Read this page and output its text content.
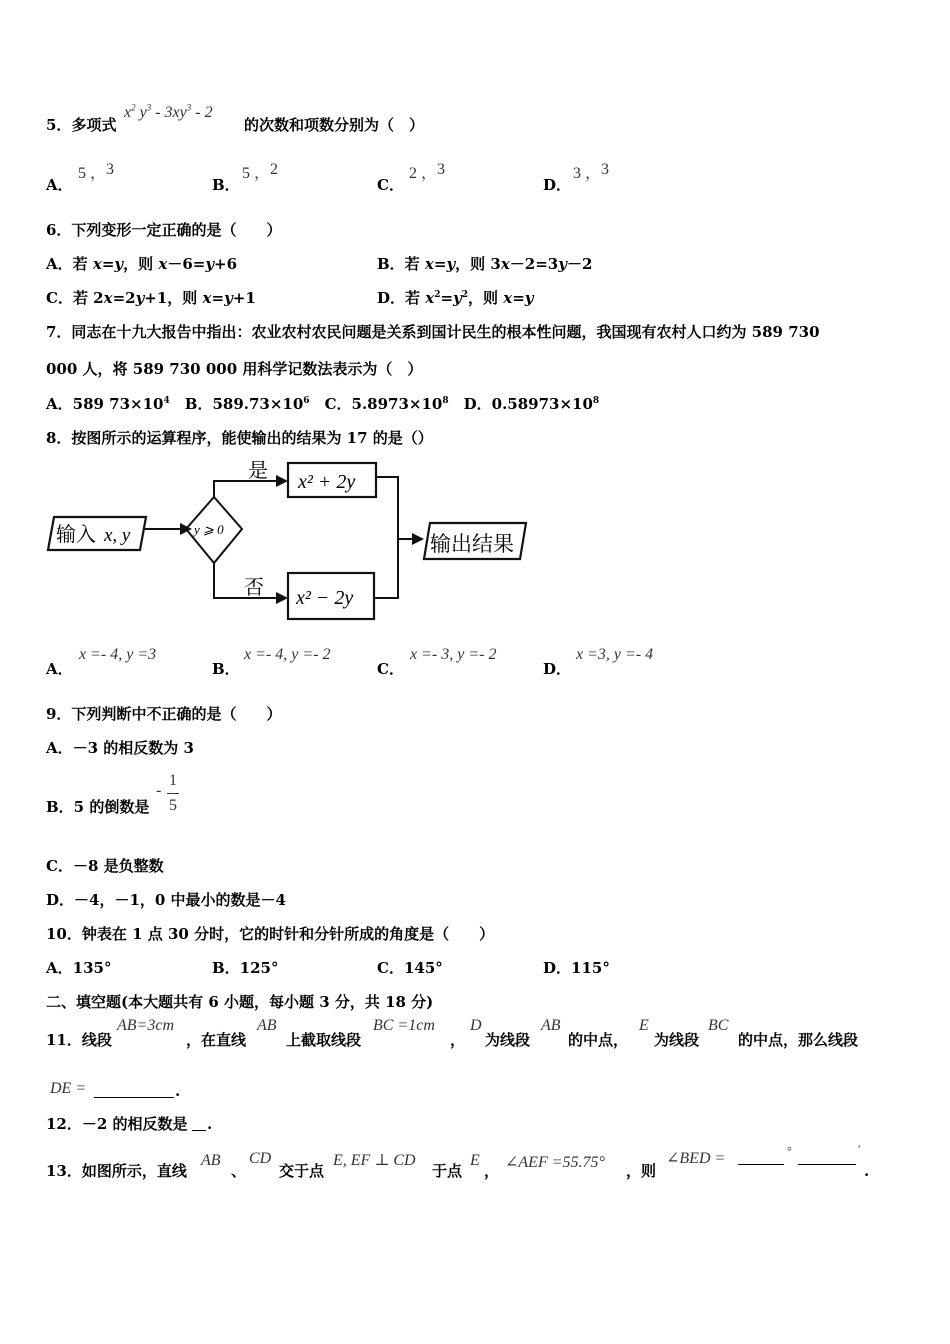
5．多项式
$x^2$ $y^3 - 3xy^3 - 2$
的次数和项数分别为（　）
A．
5 ，3
B．
5 ，2
C．
2 ，3
D．
3 ，3
6．下列变形一定正确的是（　　）
A．若 x=y，则 x－6=y+6	B．若 x=y，则 3x－2=3y－2
C．若 2x=2y+1，则 x=y+1	D．若 $x^2=y^2$，则 x=y
7．同志在十九大报告中指出：农业农村农民问题是关系到国计民生的根本性问题，我国现有农村人口约为 589 730
000 人，将 589 730 000 用科学记数法表示为（　）
A．589 $73\times 10^4$　B．$589.73\times 10^6$　C．$5.8973\times 10^8$　D．$0.58973\times 10^8$
8．按图所示的运算程序，能使输出的结果为 17 的是（）
输入 x, y	y ⩾ 0
是 x² + 2y
否 x² − 2y
输出结果
A．
x =- 4, y =3
B．
x =- 4, y =- 2
C．
x =- 3, y =- 2
D．
x =3, y =- 4
9．下列判断中不正确的是（　　）
A．－3 的相反数为 3
B．5 的倒数是
-
1
5
C．－8 是负整数
D．－4，－1，0 中最小的数是－4
10．钟表在 1 点 30 分时，它的时针和分针所成的角度是（　　）
A．135°	B．125°	C．145°	D．115°
二、填空题(本大题共有 6 小题，每小题 3 分，共 18 分)
11．线段
AB=3cm
，在直线
AB
上截取线段
BC =1cm
，
D
为线段
AB
的中点，
E
为线段
BC
的中点，那么线段
DE =	.
12．－2 的相反数是 .
13．如图所示，直线
AB
、
CD
交于点
E, EF ⊥ CD
于点
E
， ∠AEF =55.75° ，则
∠BED =	°	′
.
